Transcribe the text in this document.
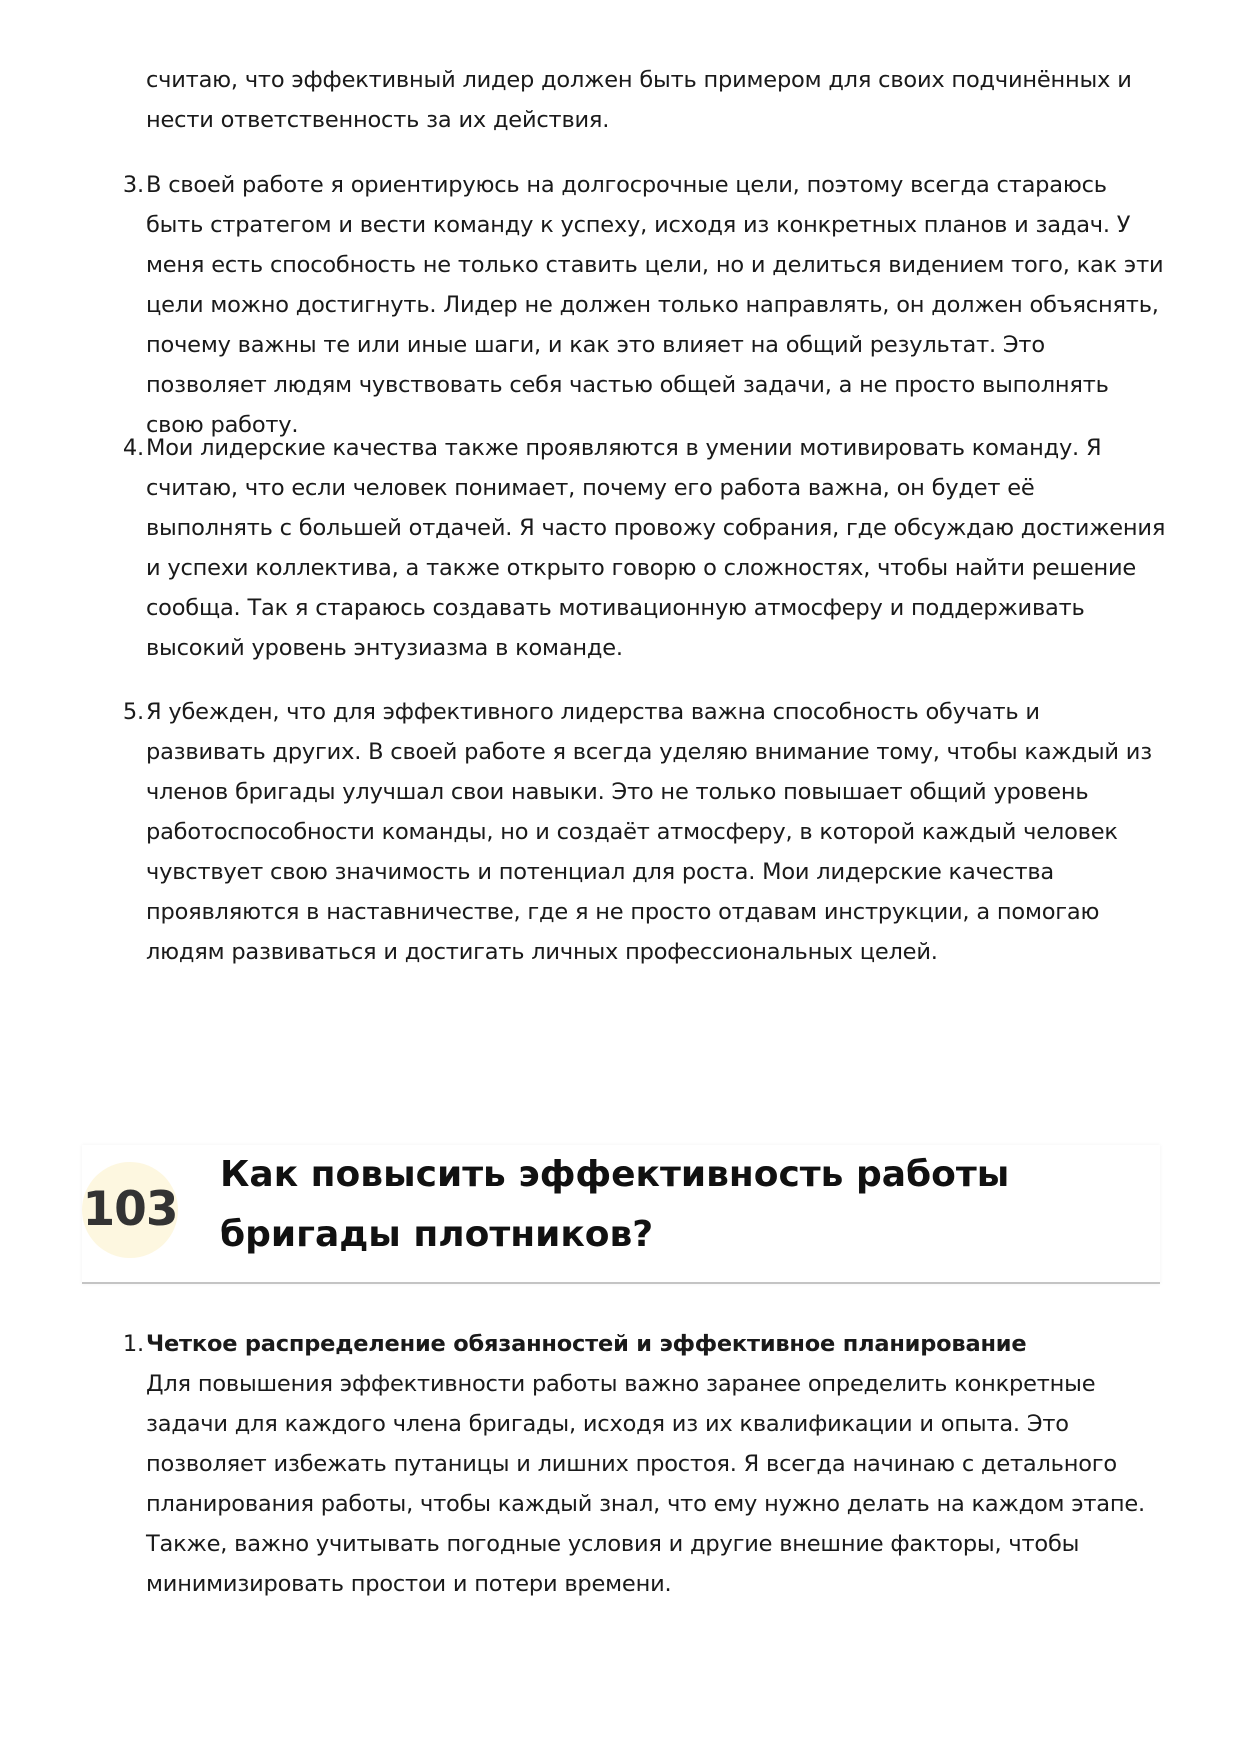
считаю, что эффективный лидер должен быть примером для своих подчинённых и нести ответственность за их действия.

3. В своей работе я ориентируюсь на долгосрочные цели, поэтому всегда стараюсь быть стратегом и вести команду к успеху, исходя из конкретных планов и задач. У меня есть способность не только ставить цели, но и делиться видением того, как эти цели можно достигнуть. Лидер не должен только направлять, он должен объяснять, почему важны те или иные шаги, и как это влияет на общий результат. Это позволяет людям чувствовать себя частью общей задачи, а не просто выполнять свою работу.

4. Мои лидерские качества также проявляются в умении мотивировать команду. Я считаю, что если человек понимает, почему его работа важна, он будет её выполнять с большей отдачей. Я часто провожу собрания, где обсуждаю достижения и успехи коллектива, а также открыто говорю о сложностях, чтобы найти решение сообща. Так я стараюсь создавать мотивационную атмосферу и поддерживать высокий уровень энтузиазма в команде.

5. Я убежден, что для эффективного лидерства важна способность обучать и развивать других. В своей работе я всегда уделяю внимание тому, чтобы каждый из членов бригады улучшал свои навыки. Это не только повышает общий уровень работоспособности команды, но и создаёт атмосферу, в которой каждый человек чувствует свою значимость и потенциал для роста. Мои лидерские качества проявляются в наставничестве, где я не просто отдавам инструкции, а помогаю людям развиваться и достигать личных профессиональных целей.

103
Как повысить эффективность работы бригады плотников?

1. Четкое распределение обязанностей и эффективное планирование
Для повышения эффективности работы важно заранее определить конкретные задачи для каждого члена бригады, исходя из их квалификации и опыта. Это позволяет избежать путаницы и лишних простоя. Я всегда начинаю с детального планирования работы, чтобы каждый знал, что ему нужно делать на каждом этапе. Также, важно учитывать погодные условия и другие внешние факторы, чтобы минимизировать простои и потери времени.
